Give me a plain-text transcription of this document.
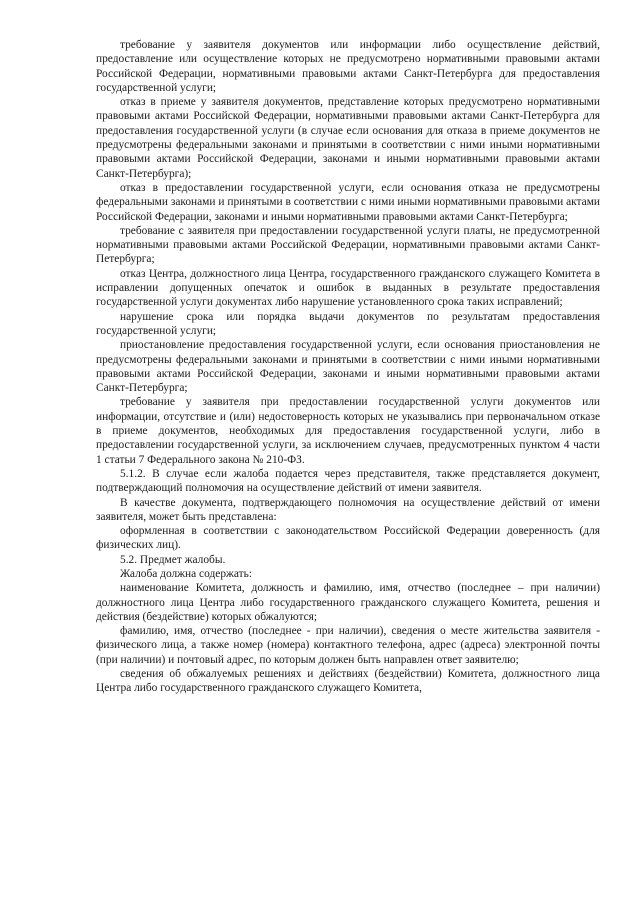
требование у заявителя документов или информации либо осуществление действий, предоставление или осуществление которых не предусмотрено нормативными правовыми актами Российской Федерации, нормативными правовыми актами Санкт-Петербурга для предоставления государственной услуги;

отказ в приеме у заявителя документов, представление которых предусмотрено нормативными правовыми актами Российской Федерации, нормативными правовыми актами Санкт-Петербурга для предоставления государственной услуги (в случае если основания для отказа в приеме документов не предусмотрены федеральными законами и принятыми в соответствии с ними иными нормативными правовыми актами Российской Федерации, законами и иными нормативными правовыми актами Санкт-Петербурга);

отказ в предоставлении государственной услуги, если основания отказа не предусмотрены федеральными законами и принятыми в соответствии с ними иными нормативными правовыми актами Российской Федерации, законами и иными нормативными правовыми актами Санкт-Петербурга;

требование с заявителя при предоставлении государственной услуги платы, не предусмотренной нормативными правовыми актами Российской Федерации, нормативными правовыми актами Санкт-Петербурга;

отказ Центра, должностного лица Центра, государственного гражданского служащего Комитета в исправлении допущенных опечаток и ошибок в выданных в результате предоставления государственной услуги документах либо нарушение установленного срока таких исправлений;

нарушение срока или порядка выдачи документов по результатам предоставления государственной услуги;

приостановление предоставления государственной услуги, если основания приостановления не предусмотрены федеральными законами и принятыми в соответствии с ними иными нормативными правовыми актами Российской Федерации, законами и иными нормативными правовыми актами Санкт-Петербурга;

требование у заявителя при предоставлении государственной услуги документов или информации, отсутствие и (или) недостоверность которых не указывались при первоначальном отказе в приеме документов, необходимых для предоставления государственной услуги, либо в предоставлении государственной услуги, за исключением случаев, предусмотренных пунктом 4 части 1 статьи 7 Федерального закона № 210-ФЗ.

5.1.2. В случае если жалоба подается через представителя, также представляется документ, подтверждающий полномочия на осуществление действий от имени заявителя.

В качестве документа, подтверждающего полномочия на осуществление действий от имени заявителя, может быть представлена:

оформленная в соответствии с законодательством Российской Федерации доверенность (для физических лиц).

5.2. Предмет жалобы.

Жалоба должна содержать:

наименование Комитета, должность и фамилию, имя, отчество (последнее – при наличии) должностного лица Центра либо государственного гражданского служащего Комитета, решения и действия (бездействие) которых обжалуются;

фамилию, имя, отчество (последнее - при наличии), сведения о месте жительства заявителя - физического лица, а также номер (номера) контактного телефона, адрес (адреса) электронной почты (при наличии) и почтовый адрес, по которым должен быть направлен ответ заявителю;

сведения об обжалуемых решениях и действиях (бездействии) Комитета, должностного лица Центра либо государственного гражданского служащего Комитета,
